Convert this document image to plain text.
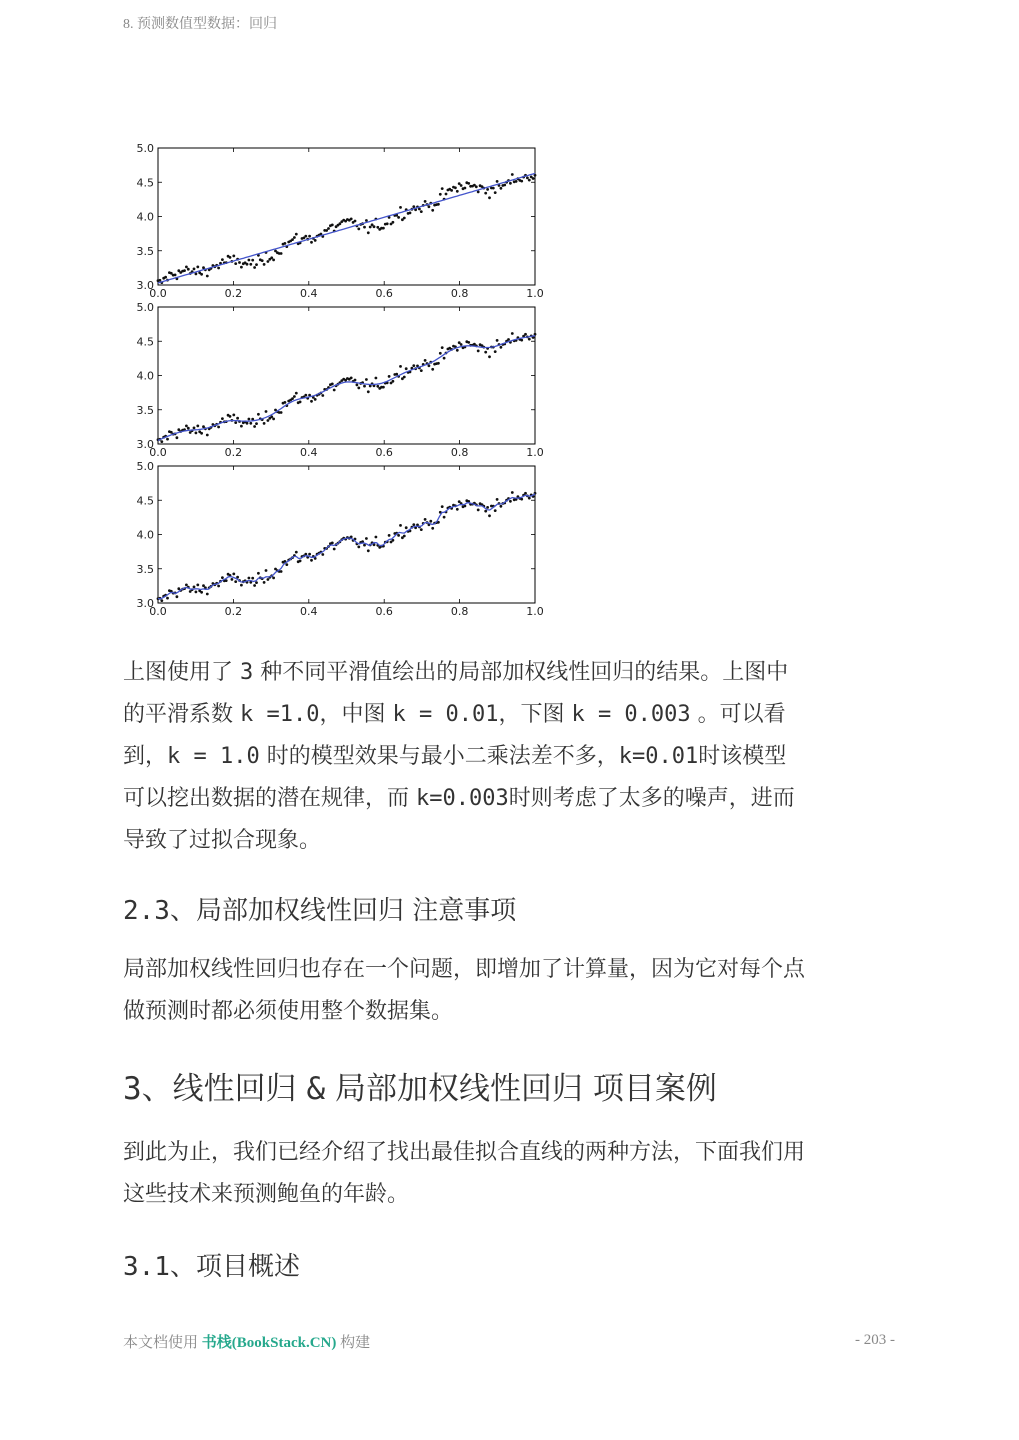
8. 预测数值型数据：回归
3.0
3.5
4.0
4.5
5.0
0.0	0.2	0.4	0.6	0.8	1.0
3.0
3.5
4.0
4.5
5.0
0.0	0.2	0.4	0.6	0.8	1.0
3.0
3.5
4.0
4.5
5.0
0.0	0.2	0.4	0.6	0.8	1.0

上图使用了 3 种不同平滑值绘出的局部加权线性回归的结果。上图中
的平滑系数 k =1.0，中图 k = 0.01，下图 k = 0.003 。可以看
到，k = 1.0 时的模型效果与最小二乘法差不多，k=0.01时该模型
可以挖出数据的潜在规律，而 k=0.003时则考虑了太多的噪声，进而
导致了过拟合现象。

2.3、局部加权线性回归 注意事项

局部加权线性回归也存在一个问题，即增加了计算量，因为它对每个点
做预测时都必须使用整个数据集。

3、线性回归 & 局部加权线性回归 项目案例

到此为止，我们已经介绍了找出最佳拟合直线的两种方法，下面我们用
这些技术来预测鲍鱼的年龄。

3.1、项目概述
本文档使用 书栈(BookStack.CN) 构建	- 203 -
